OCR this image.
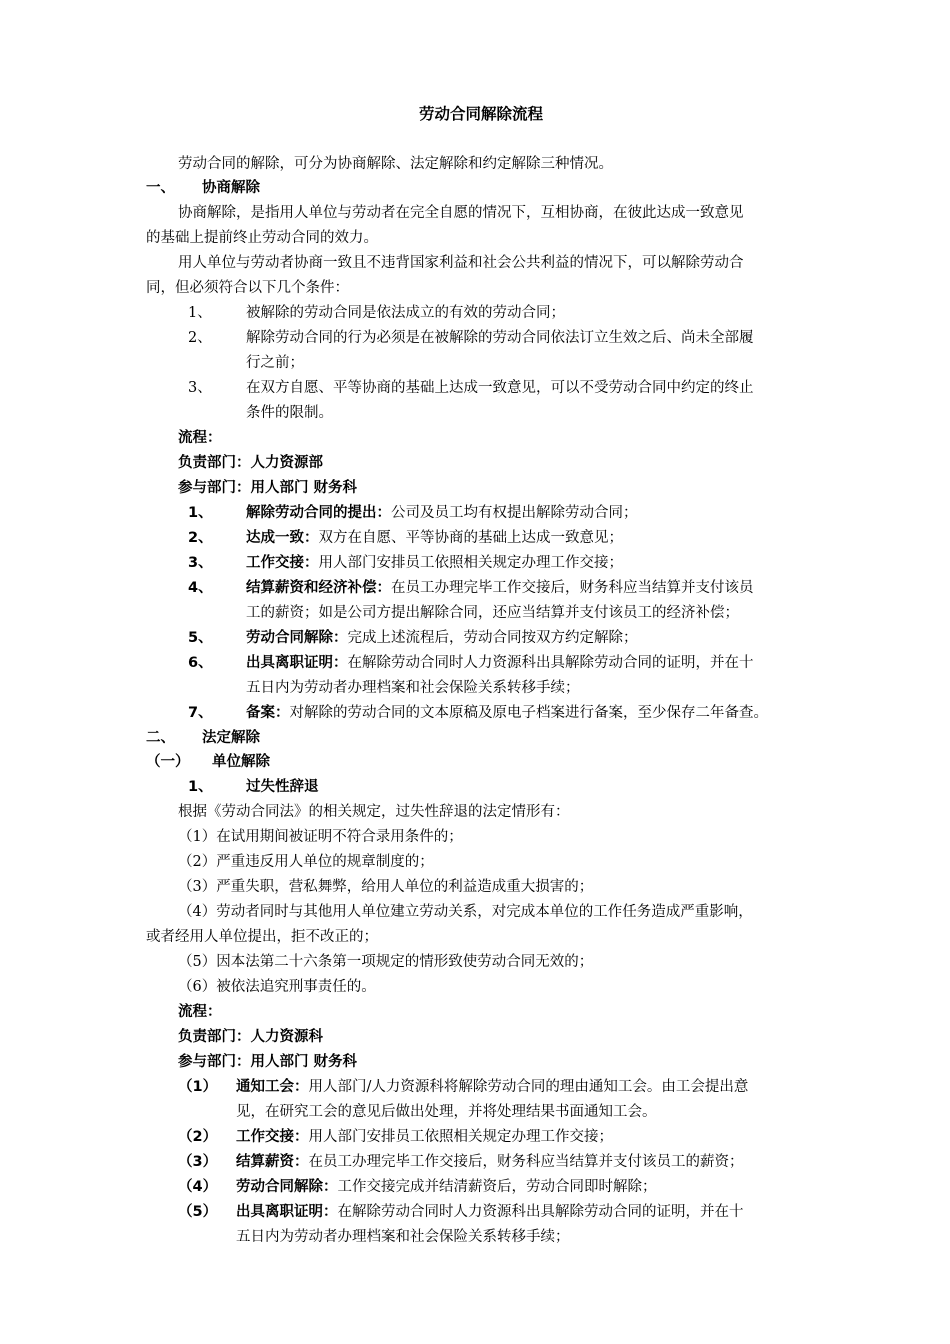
劳动合同解除流程
劳动合同的解除，可分为协商解除、法定解除和约定解除三种情况。
一、 协商解除
协商解除，是指用人单位与劳动者在完全自愿的情况下，互相协商，在彼此达成一致意见
的基础上提前终止劳动合同的效力。
用人单位与劳动者协商一致且不违背国家利益和社会公共利益的情况下，可以解除劳动合
同，但必须符合以下几个条件：
1、 被解除的劳动合同是依法成立的有效的劳动合同；
2、 解除劳动合同的行为必须是在被解除的劳动合同依法订立生效之后、尚未全部履
行之前；
3、 在双方自愿、平等协商的基础上达成一致意见，可以不受劳动合同中约定的终止
条件的限制。
流程：
负责部门：人力资源部
参与部门：用人部门 财务科
1、 解除劳动合同的提出：公司及员工均有权提出解除劳动合同；
2、 达成一致：双方在自愿、平等协商的基础上达成一致意见；
3、 工作交接：用人部门安排员工依照相关规定办理工作交接；
4、 结算薪资和经济补偿：在员工办理完毕工作交接后，财务科应当结算并支付该员
工的薪资；如是公司方提出解除合同，还应当结算并支付该员工的经济补偿；
5、 劳动合同解除：完成上述流程后，劳动合同按双方约定解除；
6、 出具离职证明：在解除劳动合同时人力资源科出具解除劳动合同的证明，并在十
五日内为劳动者办理档案和社会保险关系转移手续；
7、 备案：对解除的劳动合同的文本原稿及原电子档案进行备案，至少保存二年备查。
二、 法定解除
（一） 单位解除
1、 过失性辞退
根据《劳动合同法》的相关规定，过失性辞退的法定情形有：
（1）在试用期间被证明不符合录用条件的；
（2）严重违反用人单位的规章制度的；
（3）严重失职，营私舞弊，给用人单位的利益造成重大损害的；
（4）劳动者同时与其他用人单位建立劳动关系，对完成本单位的工作任务造成严重影响，
或者经用人单位提出，拒不改正的；
（5）因本法第二十六条第一项规定的情形致使劳动合同无效的；
（6）被依法追究刑事责任的。
流程：
负责部门：人力资源科
参与部门：用人部门 财务科
（1） 通知工会：用人部门/人力资源科将解除劳动合同的理由通知工会。由工会提出意
见，在研究工会的意见后做出处理，并将处理结果书面通知工会。
（2） 工作交接：用人部门安排员工依照相关规定办理工作交接；
（3） 结算薪资：在员工办理完毕工作交接后，财务科应当结算并支付该员工的薪资；
（4） 劳动合同解除：工作交接完成并结清薪资后，劳动合同即时解除；
（5） 出具离职证明：在解除劳动合同时人力资源科出具解除劳动合同的证明，并在十
五日内为劳动者办理档案和社会保险关系转移手续；
